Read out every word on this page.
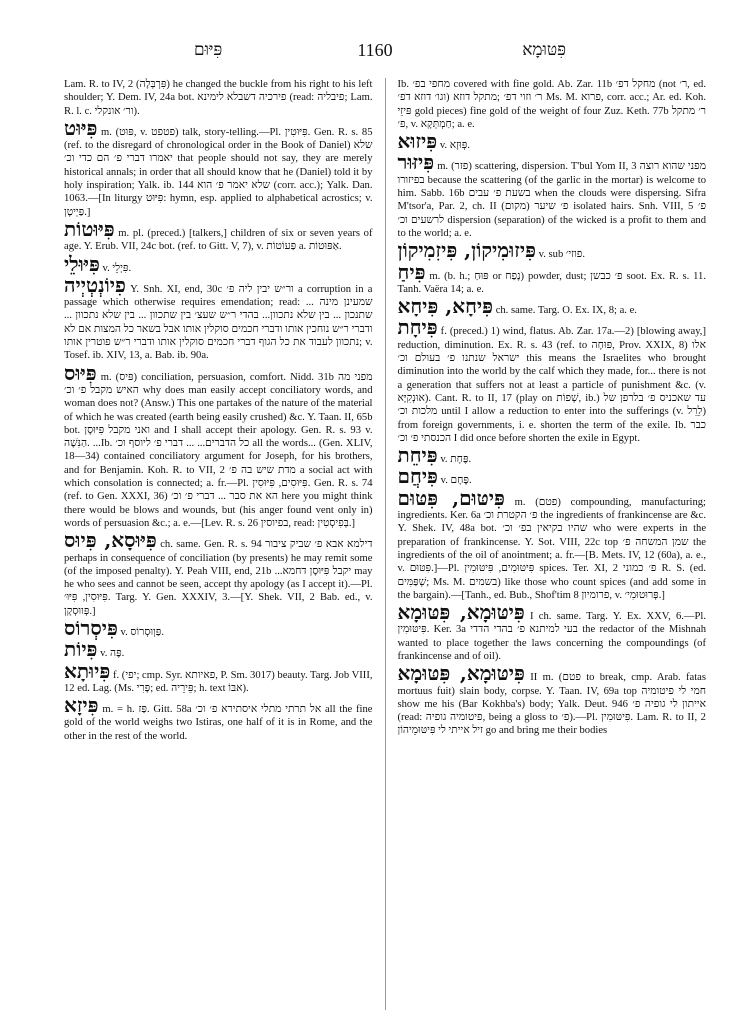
פִּיּוּם	1160	פִּטּוּמָא

Lam. R. to IV, 2 (פִּרְבְּלָה) he changed the buckle from his right to his left shoulder; Y. Dem. IV, 24a bot. פירכיה דשבלא לימינא (read: פיבליה; Lam. R. l. c. ור׳ אונקלי).

פִּיּוּט m. (פּוּט, v. פטפט) talk, story-telling.—Pl. פִּיּוּטִין. Gen. R. s. 85 (ref. to the disregard of chronological order in the Book of Daniel) שלא יאמרו דברי פ׳ הם כדי וכ׳ that people should not say, they are merely historical annals; in order that all should know that he (Daniel) told it by holy inspiration; Yalk. ib. 144 שלא יאמר פ׳ הוא (corr. acc.); Yalk. Dan. 1063.—[In liturgy פִּיּוּט: hymn, esp. applied to alphabetical acrostics; v. פַּיְיטָן.]

פִּיּוּטוֹת m. pl. (preced.) [talkers,] children of six or seven years of age. Y. Erub. VII, 24c bot. (ref. to Gitt. V, 7), v. פַּעוֹטוֹת a. אַפּוּטוֹת.

פִּיּוּלֵי v. פִּיְלֵי.

פִיוֹנְטְיְיה Y. Snh. XI, end, 30c ור״ש יבין ליה פ׳ a corruption in a passage which otherwise requires emendation; read: ... שמעינן מינה שתנכון ... בין שלא נתכוון... בהדי ר״ש שעצ׳ בין שתכוון ... בין שלא נתכוון ... ודברי ר״ש נוחכין אותו ודברי חכמים סוקלין אותו אבל בשאר כל המצות אם לא נתכוון לעבוד את כל הגוף דברי חכמים סוקלין אותו ודברי ר״ש פוטרין אותו; v. Tosef. ib. XIV, 13, a. Bab. ib. 90a.

פִּיּוּס m. (פּיס) conciliation, persuasion, comfort. Nidd. 31b מפני מה האיש מקבל פ׳ וכ׳ why does man easily accept conciliatory words, and woman does not? (Answ.) This one partakes of the nature of the material of which he was created (earth being easily crushed) &c. Y. Taan. II, 65b bot. ואני מקבל פִּיּוּסָן and I shall accept their apology. Gen. R. s. 93 v. הַנִּשָׁה. ...Ib. כל הדברים... ... דברי פ׳ ליוסף וכ׳ all the words... (Gen. XLIV, 18—34) contained conciliatory argument for Joseph, for his brothers, and for Benjamin. Koh. R. to VII, 2 מדת שיש בה פ׳ a social act with which consolation is connected; a. fr.—Pl. פִּיּוּסִים, פִּיּוּסִין. Gen. R. s. 74 (ref. to Gen. XXXI, 36) הא את סבר ... דברי פ׳ וכ׳ here you might think there would be blows and wounds, but (his anger found vent only in) words of persuasion &c.; a. e.—[Lev. R. s. 26 בפיוסין, read: בְּפִיסְטִין.]

פִּיּוּסָא, פִּיוּס ch. same. Gen. R. s. 94 דילמא אבא פ׳ שביק ציבור perhaps in consequence of conciliation (by presents) he may remit some (of the imposed penalty). Y. Peah VIII, end, 21b ...יקבל פִּיּוּסָן דחמא may he who sees and cannot be seen, accept thy apology (as I accept it).—Pl. פִּיּוּסִין, פִּיּוּ׳. Targ. Y. Gen. XXXIV, 3.—[Y. Shek. VII, 2 Bab. ed., v. פְּווּסְקָן.]

פִּיסְרוֹס v. פַּוְוּסְרוֹס.

פִּיוֹת v. פֶּה.

פִּיוּתָא f. (יפי; cmp. Syr. פאיותא, P. Sm. 3017) beauty. Targ. Job VIII, 12 ed. Lag. (Ms. פָּרִי; ed. פֵּירֵיה; h. text אבּוֹ).

פִּיזָא m. = h. פַּז. Gitt. 58a אל תרתי מתלי איסתירא פ׳ וכ׳ all the fine gold of the world weighs two Istiras, one half of it is in Rome, and the other in the rest of the world.

Ib. מחפי בפ׳ covered with fine gold. Ab. Zar. 11b מחקל דפ׳ (not ר׳, ed. וגו׳ דוזא דפ׳) ר׳ וזוי דפ׳ ;מתקל דוזא Ms. M. פרוא, corr. acc.; Ar. ed. Koh. פּיזֵי gold pieces) fine gold of the weight of four Zuz. Keth. 77b ר׳ מתקל פ׳, v. חַמְתְּקָא; a. e.

פִּיזוּא v. פְּוּזָא.

פִּיזּוּר m. (פזר) scattering, dispersion. T'bul Yom II, 3 מפני שהוא רוצה בפיזורו because the scattering (of the garlic in the mortar) is welcome to him. Sabb. 16b בשעת פ׳ עבים when the clouds were dispersing. Sifra M'tsor'a, Par. 2, ch. II פ׳ שיער (מקום) isolated hairs. Snh. VIII, 5 פ׳ לרשעים וכ׳ dispersion (separation) of the wicked is a profit to them and to the world; a. e.

פִּיזוּמִיקוֹן, פִּיזִמִיקוֹן v. sub פוזי׳.

פִּיחַ m. (b. h.; פּוּחַ or נָפַח) powder, dust; פ׳ כבשן soot. Ex. R. s. 11. Tanh. Vaëra 14; a. e.

פִּיחָא, פִּיחָא ch. same. Targ. O. Ex. IX, 8; a. e.

פִּיחָת f. (preced.) 1) wind, flatus. Ab. Zar. 17a.—2) [blowing away,] reduction, diminution. Ex. R. s. 43 (ref. to פּוּחָה, Prov. XXIX, 8) אלו ישראל שנתנו פ׳ בעולם וכ׳ this means the Israelites who brought diminution into the world by the calf which they made, for... there is not a generation that suffers not at least a particle of punishment &c. (v. אוּנְקִיָּא). Cant. R. to II, 17 (play on שְׁפוֹת, ib.) עד שאכניס פ׳ בלרפן של מלכות וכ׳ until I allow a reduction to enter into the sufferings (v. לֵרֵל) from foreign governments, i. e. shorten the term of the exile. Ib. כבר הכנסתי פ׳ וכ׳ I did once before shorten the exile in Egypt.

פִּיחֵת v. פֶּחָת.

פִּיחֲם v. פֶּחָם.

פִּיטּוּם, פִּטּוּם m. (פטם) compounding, manufacturing; ingredients. Ker. 6a פ׳ הקטרת וכ׳ the ingredients of frankincense are &c. Y. Shek. IV, 48a bot. שהיו בקיאין בפ׳ וכ׳ who were experts in the preparation of frankincense. Y. Sot. VIII, 22c top שמן המשחה פ׳ the ingredients of the oil of anointment; a. fr.—[B. Mets. IV, 12 (60a), a. e., v. פִּטּוּם.]—Pl. פִּיטּוּמִים, פִּיטּוּמִין spices. Ter. XI, 2 פ׳ כמוני R. S. (ed. שְׁפַּמִּים; Ms. M. בשמים) like those who count spices (and add some in the bargain).—[Tanh., ed. Bub., Shof'tim 8 פרומיון, v. פְּרוּטוּמִי׳.]

פִּיטּוּמָא, פִּטּוּמָא I ch. same. Targ. Y. Ex. XXV, 6.—Pl. פִּיטּוּמִין. Ker. 3a בעי למיתנא פ׳ בהדי הדדי the redactor of the Mishnah wanted to place together the laws concerning the compoundings (of frankincense and of oil).

פִּיטּוּמָא, פִּטּוּמָא II m. (פטם to break, cmp. Arab. fatas mortuus fuit) slain body, corpse. Y. Taan. IV, 69a top חמי לי פיטומיה show me his (Bar Kokhba's) body; Yalk. Deut. 946 אייתון לי גופיה פ׳ (read: פיטומיה גופיה, being a gloss to פ׳).—Pl. פִּיטּוּמִין. Lam. R. to II, 2 זיל אייתי לי פִּיטּוּמֵיהוֹן go and bring me their bodies
